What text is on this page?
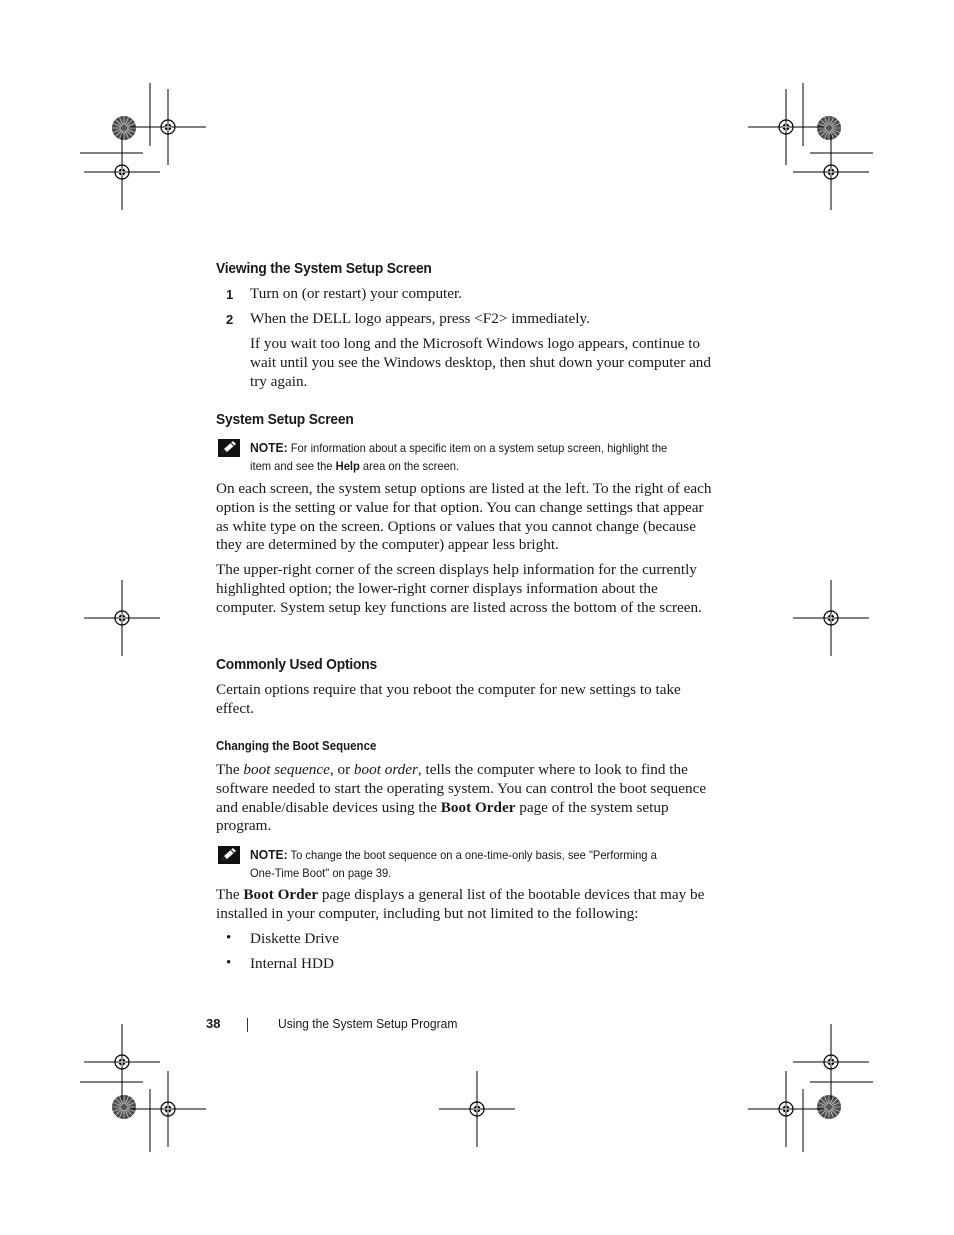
Viewing the System Setup Screen
1 Turn on (or restart) your computer.
2 When the DELL logo appears, press <F2> immediately.

If you wait too long and the Microsoft Windows logo appears, continue to wait until you see the Windows desktop, then shut down your computer and try again.

System Setup Screen
NOTE: For information about a specific item on a system setup screen, highlight the item and see the Help area on the screen.

On each screen, the system setup options are listed at the left. To the right of each option is the setting or value for that option. You can change settings that appear as white type on the screen. Options or values that you cannot change (because they are determined by the computer) appear less bright.

The upper-right corner of the screen displays help information for the currently highlighted option; the lower-right corner displays information about the computer. System setup key functions are listed across the bottom of the screen.

Commonly Used Options

Certain options require that you reboot the computer for new settings to take effect.

Changing the Boot Sequence

The boot sequence, or boot order, tells the computer where to look to find the software needed to start the operating system. You can control the boot sequence and enable/disable devices using the Boot Order page of the system setup program.

NOTE: To change the boot sequence on a one-time-only basis, see "Performing a One-Time Boot" on page 39.

The Boot Order page displays a general list of the bootable devices that may be installed in your computer, including but not limited to the following:

• Diskette Drive
• Internal HDD
38	Using the System Setup Program
